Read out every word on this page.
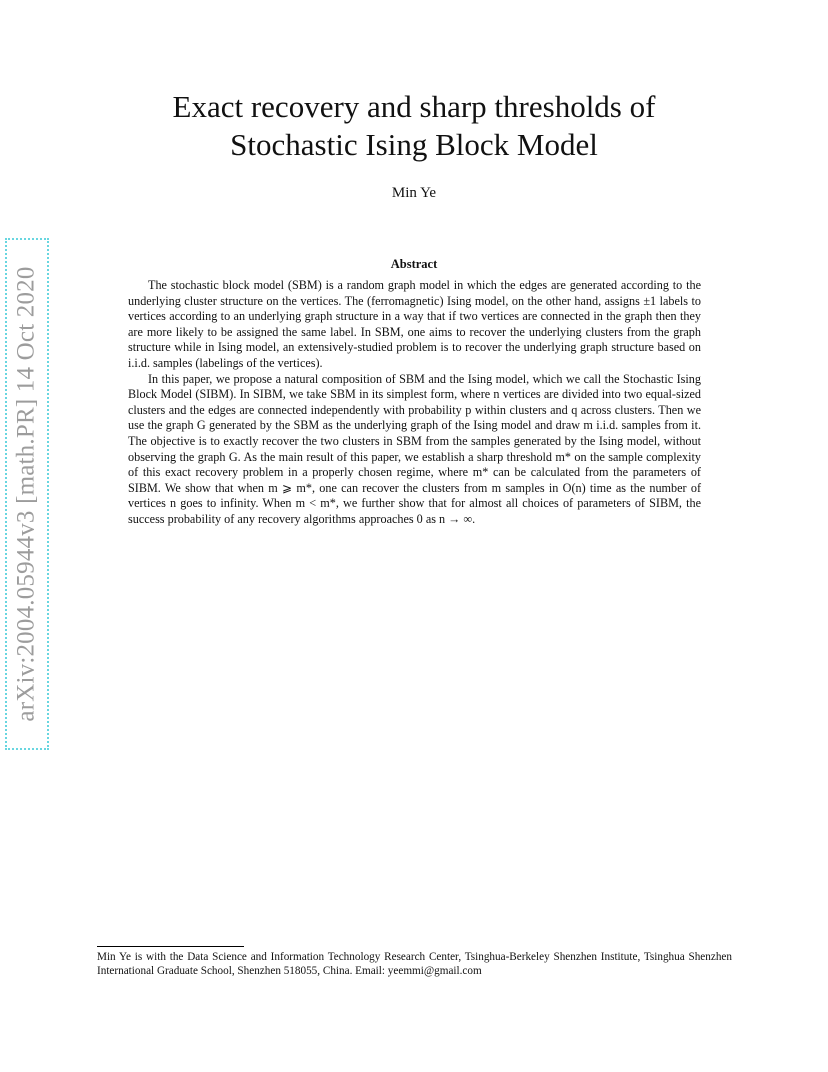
arXiv:2004.05944v3 [math.PR] 14 Oct 2020
Exact recovery and sharp thresholds of
Stochastic Ising Block Model
Min Ye
Abstract

The stochastic block model (SBM) is a random graph model in which the edges are generated according to the underlying cluster structure on the vertices. The (ferromagnetic) Ising model, on the other hand, assigns ±1 labels to vertices according to an underlying graph structure in a way that if two vertices are connected in the graph then they are more likely to be assigned the same label. In SBM, one aims to recover the underlying clusters from the graph structure while in Ising model, an extensively-studied problem is to recover the underlying graph structure based on i.i.d. samples (labelings of the vertices).

In this paper, we propose a natural composition of SBM and the Ising model, which we call the Stochastic Ising Block Model (SIBM). In SIBM, we take SBM in its simplest form, where n vertices are divided into two equal-sized clusters and the edges are connected independently with probability p within clusters and q across clusters. Then we use the graph G generated by the SBM as the underlying graph of the Ising model and draw m i.i.d. samples from it. The objective is to exactly recover the two clusters in SBM from the samples generated by the Ising model, without observing the graph G. As the main result of this paper, we establish a sharp threshold m* on the sample complexity of this exact recovery problem in a properly chosen regime, where m* can be calculated from the parameters of SIBM. We show that when m ⩾ m*, one can recover the clusters from m samples in O(n) time as the number of vertices n goes to infinity. When m < m*, we further show that for almost all choices of parameters of SIBM, the success probability of any recovery algorithms approaches 0 as n → ∞.

Min Ye is with the Data Science and Information Technology Research Center, Tsinghua-Berkeley Shenzhen Institute, Tsinghua Shenzhen International Graduate School, Shenzhen 518055, China. Email: yeemmi@gmail.com
